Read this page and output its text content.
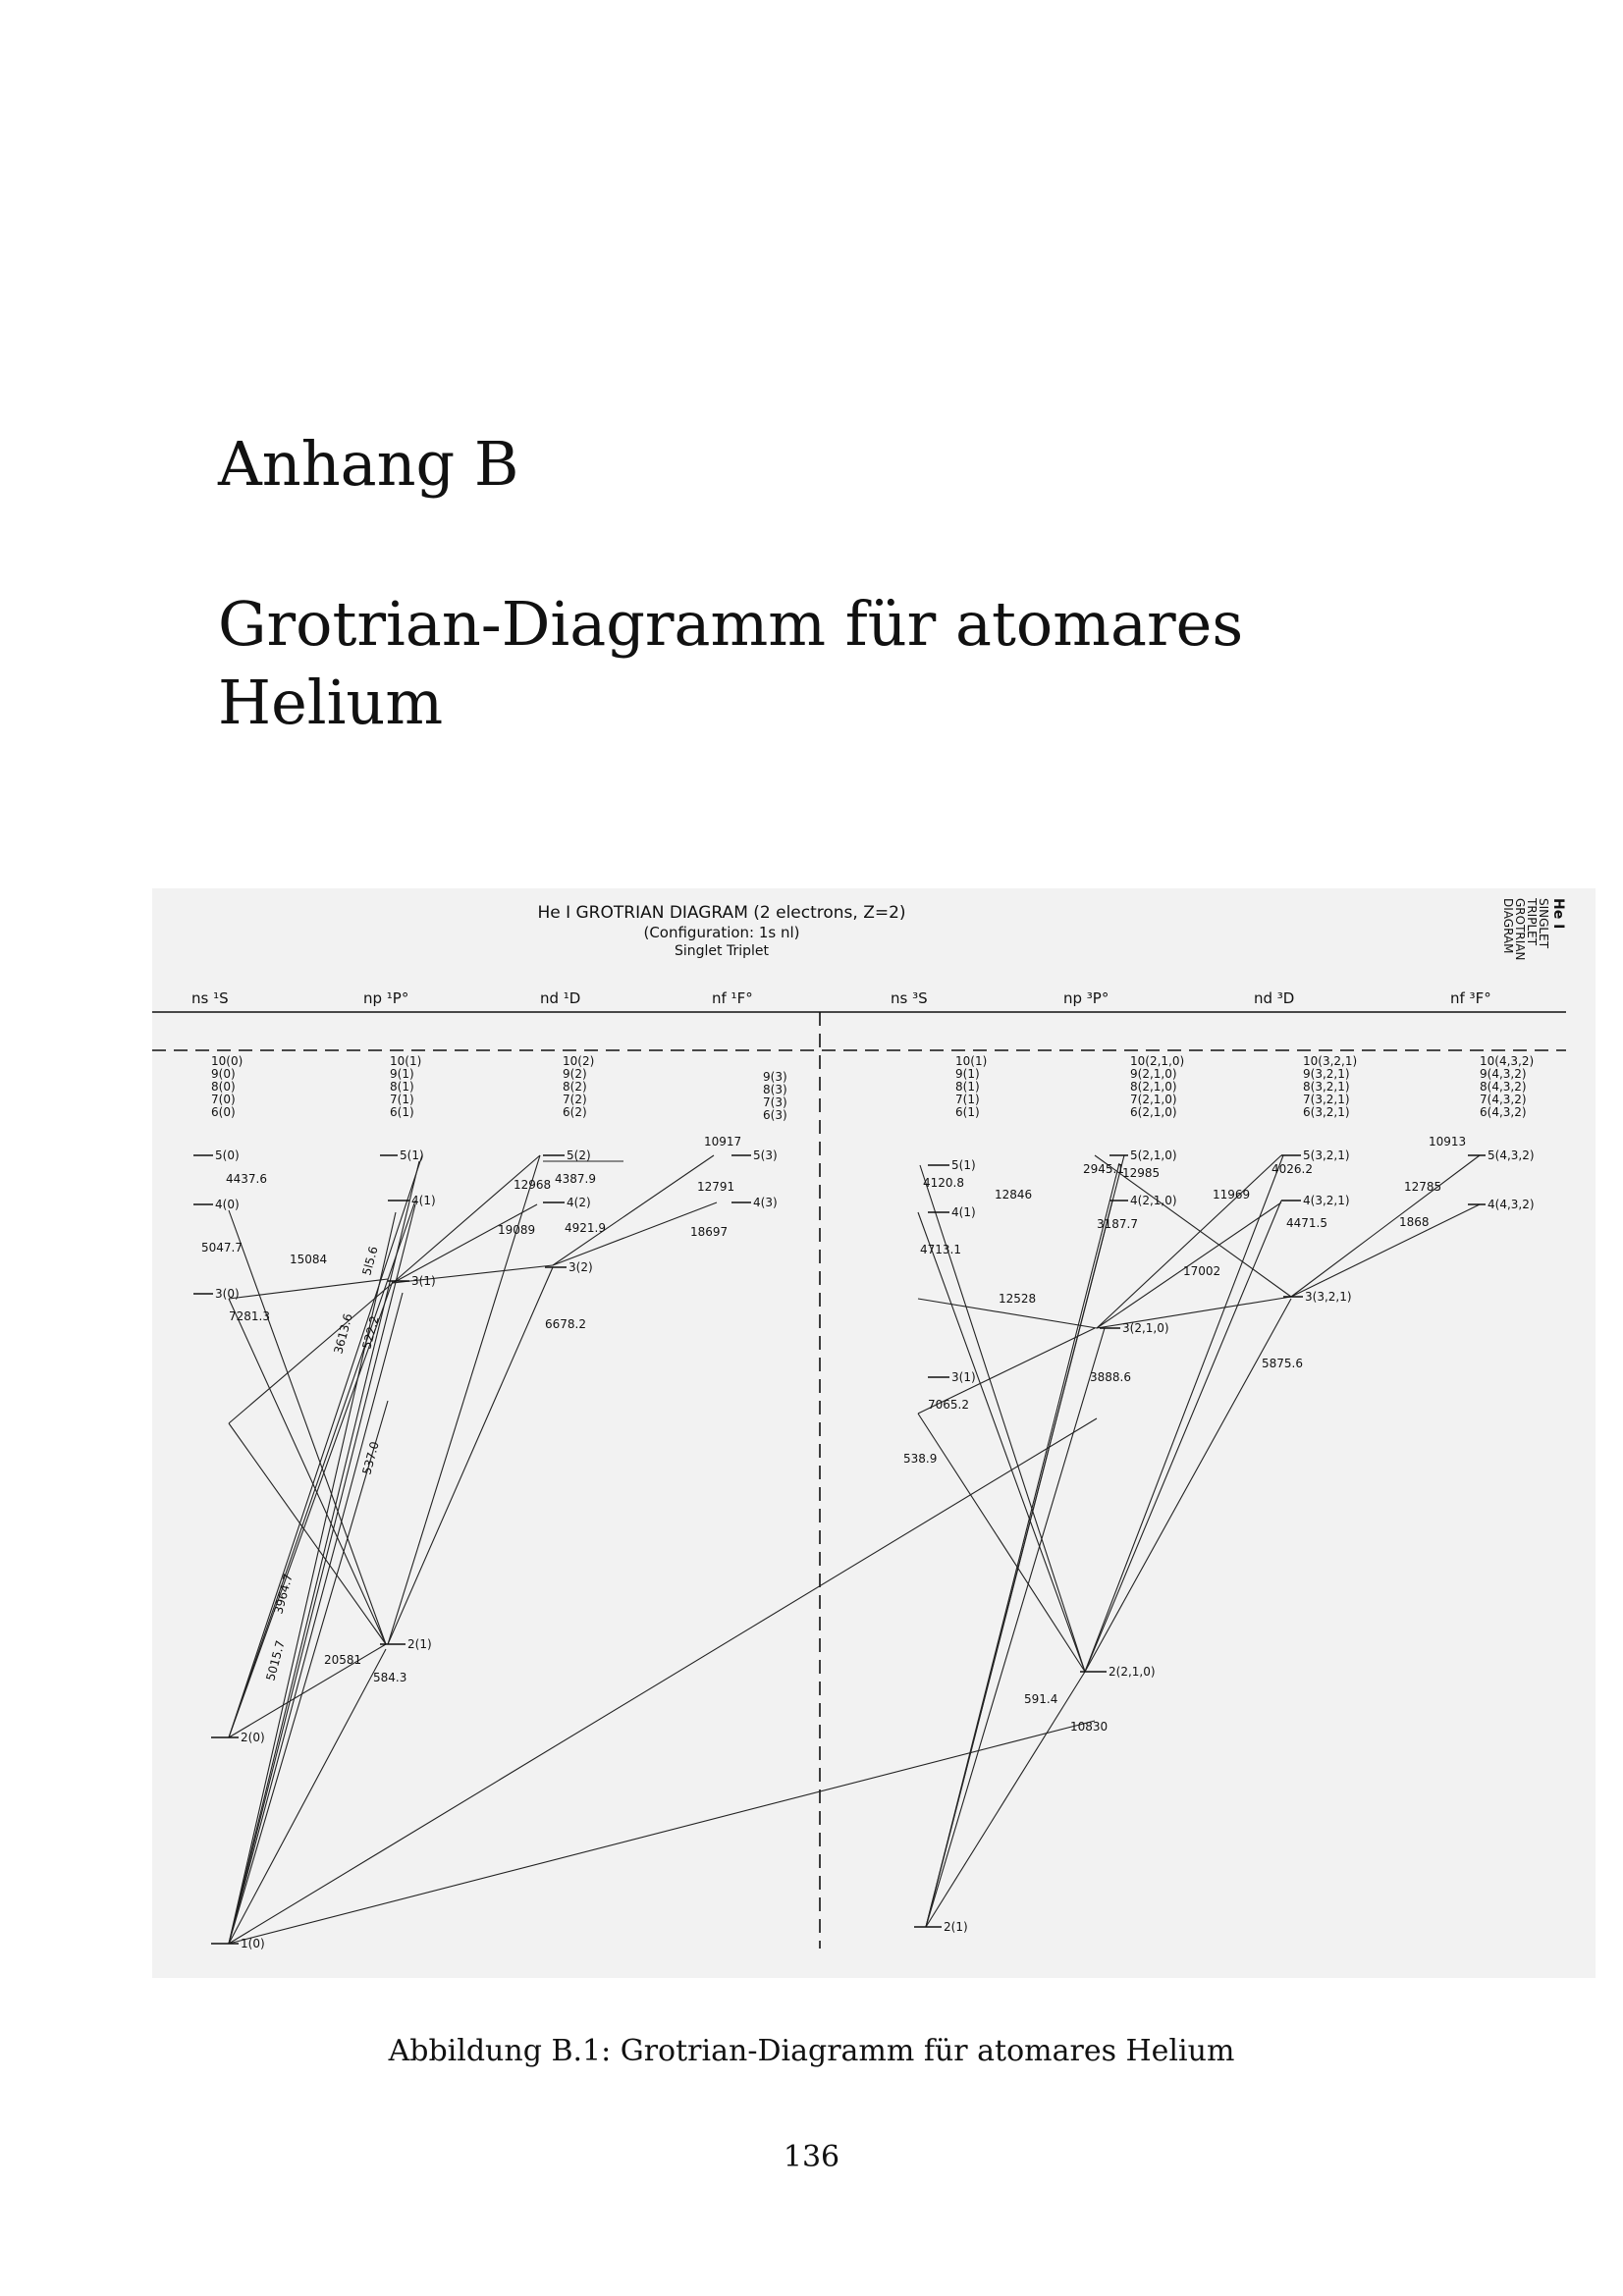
Anhang B
Grotrian-Diagramm für atomares Helium
He I GROTRIAN DIAGRAM (2 electrons, Z=2)
(Configuration: 1s nl)
Singlet Triplet
He I
SINGLET
TRIPLET
GROTRIAN
DIAGRAM
ns ¹S	np ¹P°	nd ¹D	nf ¹F°	ns ³S	np ³P°	nd ³D	nf ³F°
10(0)
9(0)
8(0)
7(0)
6(0)
5(0)
4(0)
3(0)
2(0)
1(0)
10(1)
9(1)
8(1)
7(1)
6(1)
5(1)
4(1)
3(1)
2(1)
10(2)
9(2)
8(2)
7(2)
6(2)
5(2)
4(2)
3(2)
9(3)
8(3)
7(3)
6(3)
5(3)
4(3)
10(1)
9(1)
8(1)
7(1)
6(1)
5(1)
4(1)
3(1)
2(1)
10(2,1,0)
9(2,1,0)
8(2,1,0)
7(2,1,0)
6(2,1,0)
5(2,1,0)
4(2,1,0)
3(2,1,0)
2(2,1,0)
10(3,2,1)
9(3,2,1)
8(3,2,1)
7(3,2,1)
6(3,2,1)
5(3,2,1)
4(3,2,1)
3(3,2,1)
10(4,3,2)
9(4,3,2)
8(4,3,2)
7(4,3,2)
6(4,3,2)
5(4,3,2)
4(4,3,2)
4437.6
5047.7
15084
7281.3	3613.6
5l5.6
522.2
537.0
3964.7
5015.7	20581
584.3
12968 4387.9
19089 4921.9
6678.2
10917
12791
18697
4120.8
4713.1
12846
12528
7065.2
538.9
2945.1
12985
3187.7
3888.6
591.4
10830
11969
17002
4026.2
4471.5
5875.6
10913
12785
1868
Abbildung B.1: Grotrian-Diagramm für atomares Helium
136
